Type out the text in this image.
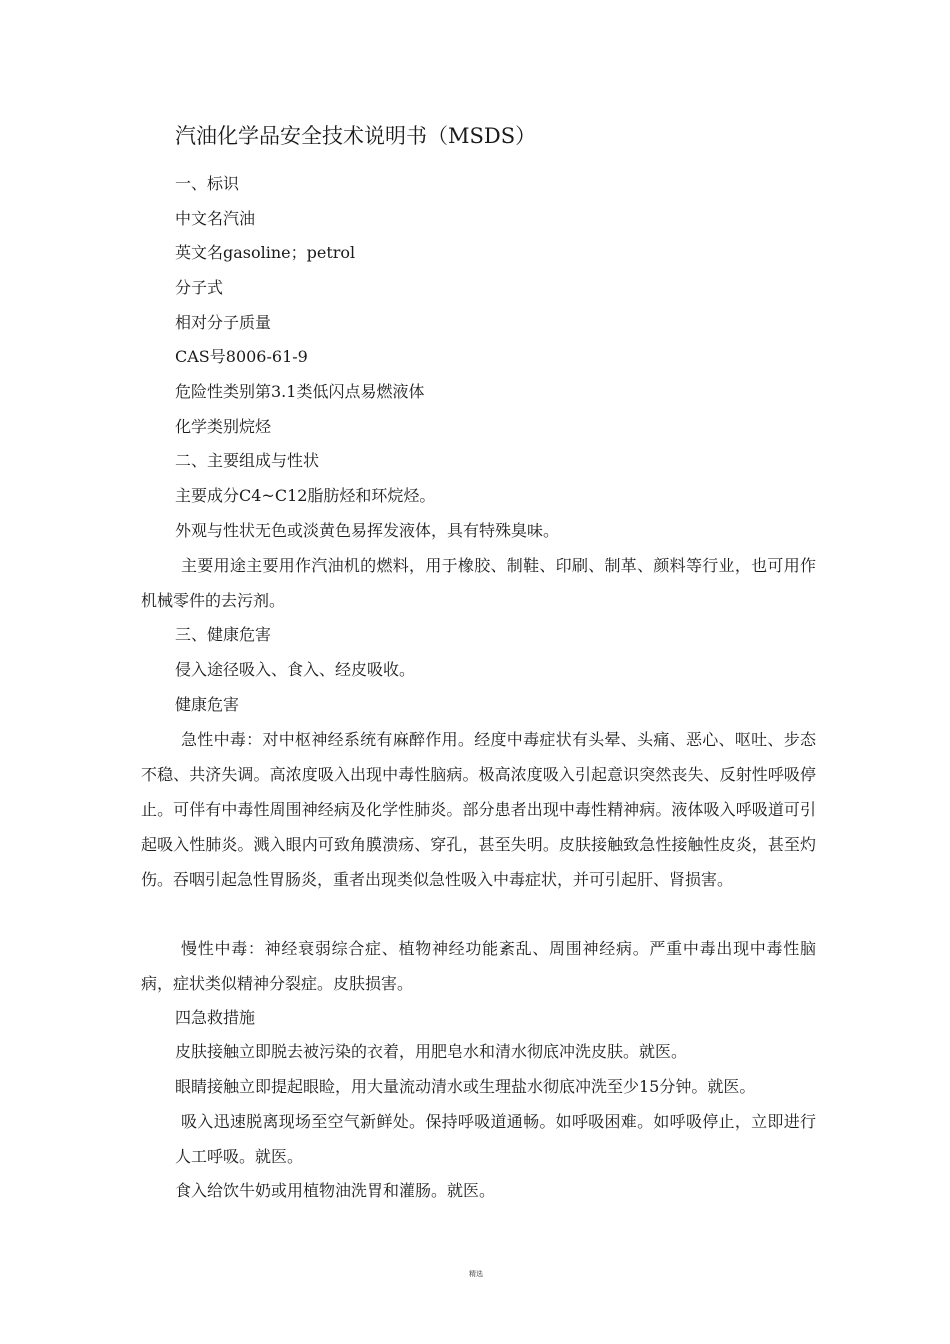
汽油化学品安全技术说明书（MSDS）
一、标识
中文名汽油
英文名gasoline；petrol
分子式
相对分子质量
CAS号8006-61-9
危险性类别第3.1类低闪点易燃液体
化学类别烷烃
二、主要组成与性状
主要成分C4~C12脂肪烃和环烷烃。
外观与性状无色或淡黄色易挥发液体，具有特殊臭味。
主要用途主要用作汽油机的燃料，用于橡胶、制鞋、印刷、制革、颜料等行业，也可用作机械零件的去污剂。
三、健康危害
侵入途径吸入、食入、经皮吸收。
健康危害
急性中毒：对中枢神经系统有麻醉作用。经度中毒症状有头晕、头痛、恶心、呕吐、步态不稳、共济失调。高浓度吸入出现中毒性脑病。极高浓度吸入引起意识突然丧失、反射性呼吸停止。可伴有中毒性周围神经病及化学性肺炎。部分患者出现中毒性精神病。液体吸入呼吸道可引起吸入性肺炎。溅入眼内可致角膜溃疡、穿孔，甚至失明。皮肤接触致急性接触性皮炎，甚至灼伤。吞咽引起急性胃肠炎，重者出现类似急性吸入中毒症状，并可引起肝、肾损害。
慢性中毒：神经衰弱综合症、植物神经功能紊乱、周围神经病。严重中毒出现中毒性脑病，症状类似精神分裂症。皮肤损害。
四急救措施
皮肤接触立即脱去被污染的衣着，用肥皂水和清水彻底冲洗皮肤。就医。
眼睛接触立即提起眼睑，用大量流动清水或生理盐水彻底冲洗至少15分钟。就医。
吸入迅速脱离现场至空气新鲜处。保持呼吸道通畅。如呼吸困难。如呼吸停止，立即进行人工呼吸。就医。
食入给饮牛奶或用植物油洗胃和灌肠。就医。
精选
